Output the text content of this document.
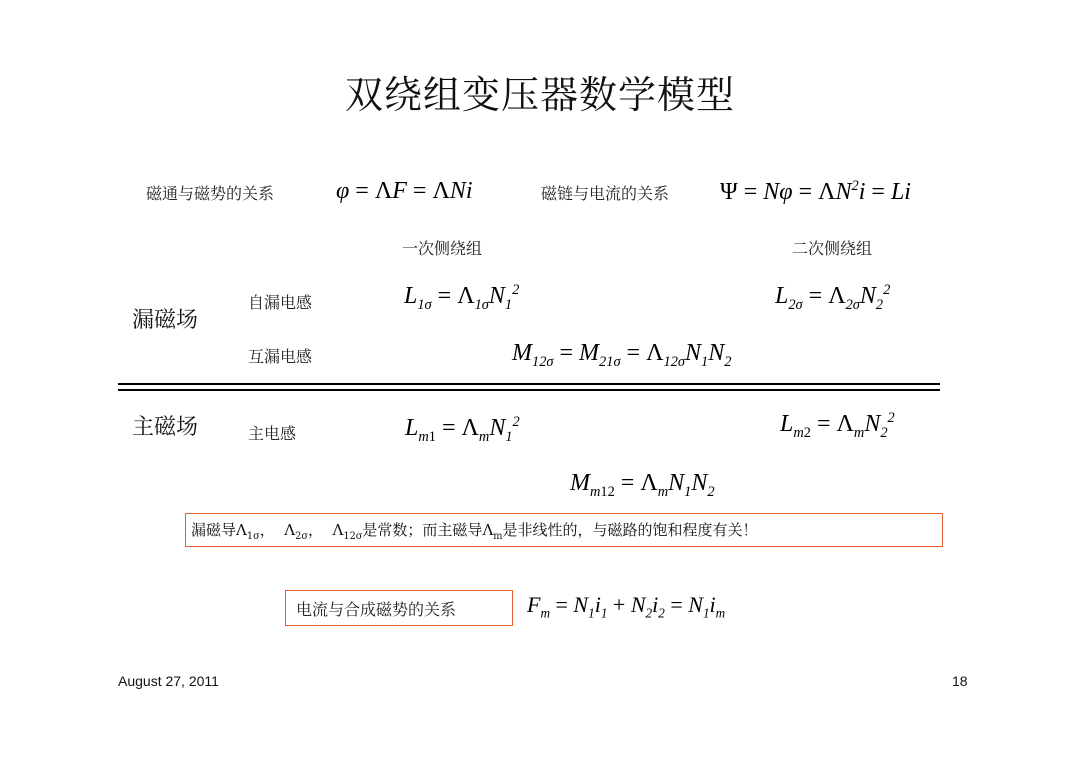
双绕组变压器数学模型
磁通与磁势的关系	φ = ΛF = ΛNi	磁链与电流的关系 $\Psi = N\varphi = \Lambda N^2i = Li$
一次侧绕组	二次侧绕组
漏磁场
自漏电感	$L_{1\sigma} = \Lambda_{1\sigma}N_1^2$	$L_{2\sigma} = \Lambda_{2\sigma}N_2^2$
互漏电感	$M_{12\sigma} = M_{21\sigma} = \Lambda_{12\sigma}N_1N_2$
主磁场	主电感	$L_{m1} = \Lambda_mN_1^2$	$L_{m2} = \Lambda_mN_2^2$
$M_{m12} = \Lambda_mN_1N_2$
漏磁导$\Lambda_{1\sigma}$，  $\Lambda_{2\sigma}$，  $\Lambda_{12\sigma}$是常数；而主磁导$\Lambda_m$是非线性的，与磁路的饱和程度有关！
电流与合成磁势的关系	$F_m = N_1i_1 + N_2i_2 = N_1i_m$
August 27, 2011	18
